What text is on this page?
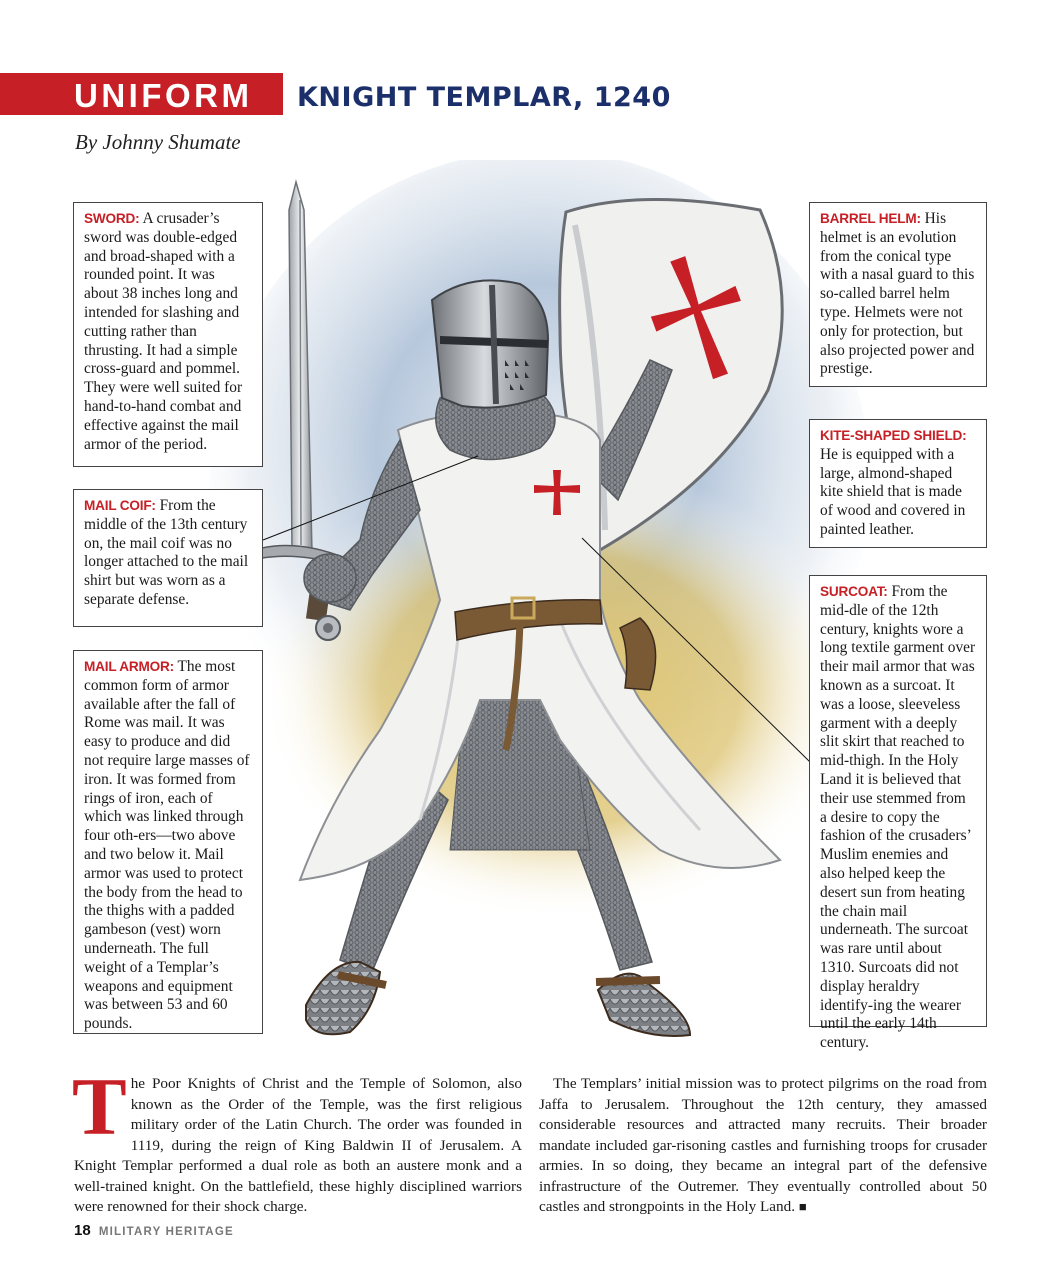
UNIFORM KNIGHT TEMPLAR, 1240
By Johnny Shumate
SWORD: A crusader’s sword was double-edged and broad-shaped with a rounded point. It was about 38 inches long and intended for slashing and cutting rather than thrusting. It had a simple cross-guard and pommel. They were well suited for hand-to-hand combat and effective against the mail armor of the period.
MAIL COIF: From the middle of the 13th century on, the mail coif was no longer attached to the mail shirt but was worn as a separate defense.
MAIL ARMOR: The most common form of armor available after the fall of Rome was mail. It was easy to produce and did not require large masses of iron. It was formed from rings of iron, each of which was linked through four oth-ers—two above and two below it. Mail armor was used to protect the body from the head to the thighs with a padded gambeson (vest) worn underneath. The full weight of a Templar’s weapons and equipment was between 53 and 60 pounds.
BARREL HELM: His helmet is an evolution from the conical type with a nasal guard to this so-called barrel helm type. Helmets were not only for protection, but also projected power and prestige.
KITE-SHAPED SHIELD: He is equipped with a large, almond-shaped kite shield that is made of wood and covered in painted leather.
SURCOAT: From the mid-dle of the 12th century, knights wore a long textile garment over their mail armor that was known as a surcoat. It was a loose, sleeveless garment with a deeply slit skirt that reached to mid-thigh. In the Holy Land it is believed that their use stemmed from a desire to copy the fashion of the crusaders’ Muslim enemies and also helped keep the desert sun from heating the chain mail underneath. The surcoat was rare until about 1310. Surcoats did not display heraldry identify-ing the wearer until the early 14th century.
The Poor Knights of Christ and the Temple of Solomon, also known as the Order of the Temple, was the first religious military order of the Latin Church. The order was founded in 1119, during the reign of King Baldwin II of Jerusalem. A Knight Templar performed a dual role as both an austere monk and a well-trained knight. On the battlefield, these highly disciplined warriors were renowned for their shock charge.
The Templars’ initial mission was to protect pilgrims on the road from Jaffa to Jerusalem. Throughout the 12th century, they amassed considerable resources and attracted many recruits. Their broader mandate included gar-risoning castles and furnishing troops for crusader armies. In so doing, they became an integral part of the defensive infrastructure of the Outremer. They eventually controlled about 50 castles and strongpoints in the Holy Land. ■
18 MILITARY HERITAGE
